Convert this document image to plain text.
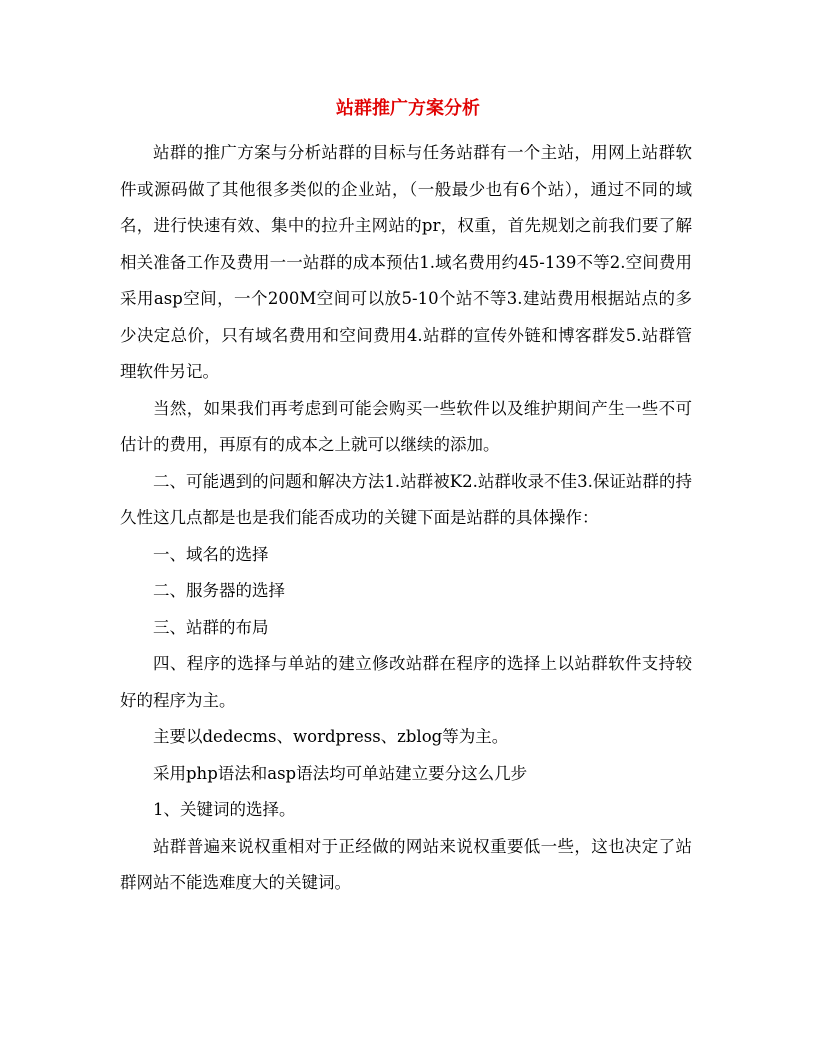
站群推广方案分析

站群的推广方案与分析站群的目标与任务站群有一个主站，用网上站群软件或源码做了其他很多类似的企业站，（一般最少也有6个站），通过不同的域名，进行快速有效、集中的拉升主网站的pr，权重，首先规划之前我们要了解相关准备工作及费用一一站群的成本预估1.域名费用约45-139不等2.空间费用采用asp空间，一个200M空间可以放5-10个站不等3.建站费用根据站点的多少决定总价，只有域名费用和空间费用4.站群的宣传外链和博客群发5.站群管理软件另记。

当然，如果我们再考虑到可能会购买一些软件以及维护期间产生一些不可估计的费用，再原有的成本之上就可以继续的添加。

二、可能遇到的问题和解决方法1.站群被K2.站群收录不佳3.保证站群的持久性这几点都是也是我们能否成功的关键下面是站群的具体操作：

一、域名的选择

二、服务器的选择

三、站群的布局

四、程序的选择与单站的建立修改站群在程序的选择上以站群软件支持较好的程序为主。

主要以dedecms、wordpress、zblog等为主。

采用php语法和asp语法均可单站建立要分这么几步

1、关键词的选择。

站群普遍来说权重相对于正经做的网站来说权重要低一些，这也决定了站群网站不能选难度大的关键词。
